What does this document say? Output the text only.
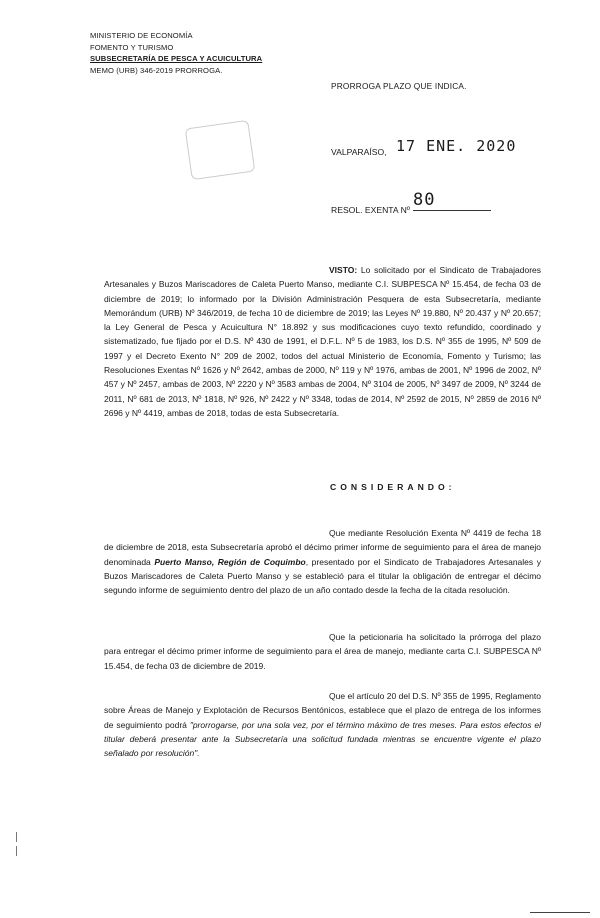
MINISTERIO DE ECONOMÍA
FOMENTO Y TURISMO
SUBSECRETARÍA DE PESCA Y ACUICULTURA
MEMO (URB) 346-2019 PRORROGA.
PRORROGA PLAZO QUE INDICA.
VALPARAÍSO, 17 ENE. 2020
RESOL. EXENTA Nº 80
VISTO: Lo solicitado por el Sindicato de Trabajadores Artesanales y Buzos Mariscadores de Caleta Puerto Manso, mediante C.I. SUBPESCA Nº 15.454, de fecha 03 de diciembre de 2019; lo informado por la División Administración Pesquera de esta Subsecretaría, mediante Memorándum (URB) Nº 346/2019, de fecha 10 de diciembre de 2019; las Leyes Nº 19.880, Nº 20.437 y Nº 20.657; la Ley General de Pesca y Acuicultura N° 18.892 y sus modificaciones cuyo texto refundido, coordinado y sistematizado, fue fijado por el D.S. Nº 430 de 1991, el D.F.L. Nº 5 de 1983, los D.S. Nº 355 de 1995, Nº 509 de 1997 y el Decreto Exento N° 209 de 2002, todos del actual Ministerio de Economía, Fomento y Turismo; las Resoluciones Exentas Nº 1626 y Nº 2642, ambas de 2000, Nº 119 y Nº 1976, ambas de 2001, Nº 1996 de 2002, Nº 457 y Nº 2457, ambas de 2003, Nº 2220 y Nº 3583 ambas de 2004, Nº 3104 de 2005, Nº 3497 de 2009, Nº 3244 de 2011, Nº 681 de 2013, Nº 1818, Nº 926, Nº 2422 y Nº 3348, todas de 2014, Nº 2592 de 2015, Nº 2859 de 2016 Nº 2696 y Nº 4419, ambas de 2018, todas de esta Subsecretaría.
CONSIDERANDO:
Que mediante Resolución Exenta Nº 4419 de fecha 18 de diciembre de 2018, esta Subsecretaría aprobó el décimo primer informe de seguimiento para el área de manejo denominada Puerto Manso, Región de Coquimbo, presentado por el Sindicato de Trabajadores Artesanales y Buzos Mariscadores de Caleta Puerto Manso y se estableció para el titular la obligación de entregar el décimo segundo informe de seguimiento dentro del plazo de un año contado desde la fecha de la citada resolución.
Que la peticionaria ha solicitado la prórroga del plazo para entregar el décimo primer informe de seguimiento para el área de manejo, mediante carta C.I. SUBPESCA Nº 15.454, de fecha 03 de diciembre de 2019.
Que el artículo 20 del D.S. Nº 355 de 1995, Reglamento sobre Áreas de Manejo y Explotación de Recursos Bentónicos, establece que el plazo de entrega de los informes de seguimiento podrá "prorrogarse, por una sola vez, por el término máximo de tres meses. Para estos efectos el titular deberá presentar ante la Subsecretaría una solicitud fundada mientras se encuentre vigente el plazo señalado por resolución".
